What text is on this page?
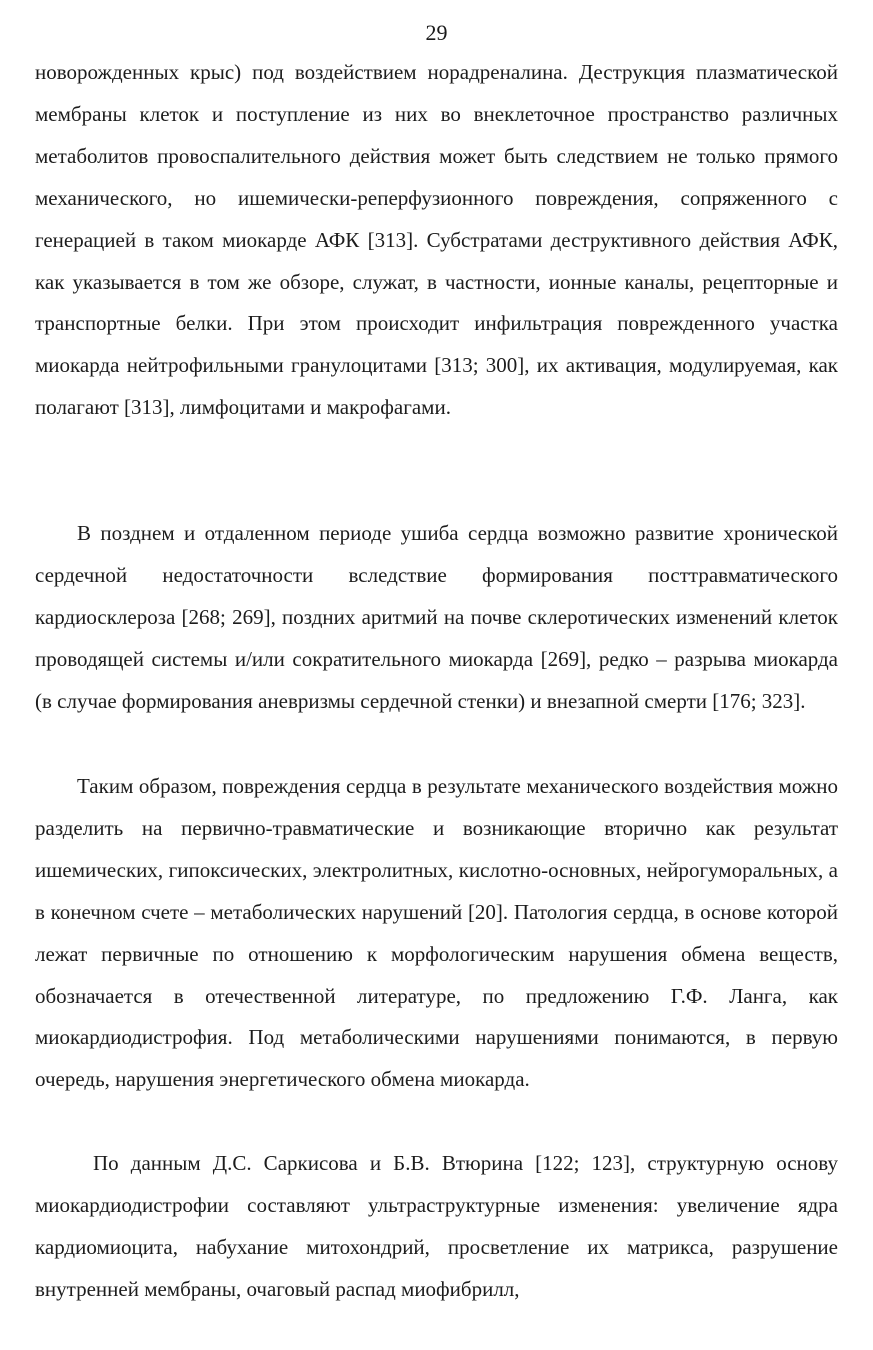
29

новорожденных крыс) под воздействием норадреналина. Деструкция плазматической мембраны клеток и поступление из них во внеклеточное пространство различных метаболитов провоспалительного действия может быть следствием не только прямого механического, но ишемически-реперфузионного повреждения, сопряженного с генерацией в таком миокарде АФК [313]. Субстратами деструктивного действия АФК, как указывается в том же обзоре, служат, в частности, ионные каналы, рецепторные и транспортные белки. При этом происходит инфильтрация поврежденного участка миокарда нейтрофильными гранулоцитами [313; 300], их активация, модулируемая, как полагают [313], лимфоцитами и макрофагами.

В позднем и отдаленном периоде ушиба сердца возможно развитие хронической сердечной недостаточности вследствие формирования посттравматического кардиосклероза [268; 269], поздних аритмий на почве склеротических изменений клеток проводящей системы и/или сократительного миокарда [269], редко – разрыва миокарда (в случае формирования аневризмы сердечной стенки) и внезапной смерти [176; 323].

Таким образом, повреждения сердца в результате механического воздействия можно разделить на первично-травматические и возникающие вторично как результат ишемических, гипоксических, электролитных, кислотно-основных, нейрогуморальных, а в конечном счете – метаболических нарушений [20]. Патология сердца, в основе которой лежат первичные по отношению к морфологическим нарушения обмена веществ, обозначается в отечественной литературе, по предложению Г.Ф. Ланга, как миокардиодистрофия. Под метаболическими нарушениями понимаются, в первую очередь, нарушения энергетического обмена миокарда.

По данным Д.С. Саркисова и Б.В. Втюрина [122; 123], структурную основу миокардиодистрофии составляют ультраструктурные изменения: увеличение ядра кардиомиоцита, набухание митохондрий, просветление их матрикса, разрушение внутренней мембраны, очаговый распад миофибрилл,
